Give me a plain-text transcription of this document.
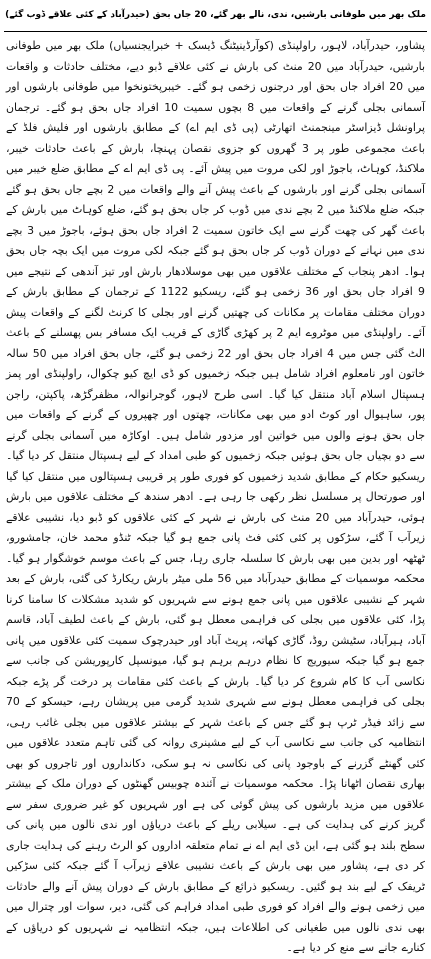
ملک بھر میں طوفانی بارشیں، ندی، نالے بھر گئے، 20 جاں بحق (حیدرآباد کے کئی علاقے ڈوب گئے)

پشاور، حیدرآباد، لاہور، راولپنڈی (کوآرڈینیٹنگ ڈیسک + خبرایجنسیاں) ملک بھر میں طوفانی بارشیں، حیدرآباد میں 20 منٹ کی بارش نے کئی علاقے ڈبو دیے، مختلف حادثات و واقعات میں 20 افراد جاں بحق اور درجنوں زخمی ہو گئے۔ خیبرپختونخوا میں طوفانی بارشوں اور آسمانی بجلی گرنے کے واقعات میں 8 بچوں سمیت 10 افراد جاں بحق ہو گئے۔ ترجمان پراونشل ڈیزاسٹر مینجمنٹ اتھارٹی (پی ڈی ایم اے) کے مطابق بارشوں اور فلیش فلڈ کے باعث مجموعی طور پر 3 گھروں کو جزوی نقصان پہنچا، بارش کے باعث حادثات خیبر، ملاکنڈ، کوہاٹ، باجوڑ اور لکی مروت میں پیش آئے۔ پی ڈی ایم اے کے مطابق ضلع خیبر میں آسمانی بجلی گرنے اور بارشوں کے باعث پیش آنے والے واقعات میں 2 بچے جاں بحق ہو گئے جبکہ ضلع ملاکنڈ میں 2 بچے ندی میں ڈوب کر جاں بحق ہو گئے، ضلع کوہاٹ میں بارش کے باعث گھر کی چھت گرنے سے ایک خاتون سمیت 2 افراد جاں بحق ہوئے، باجوڑ میں 3 بچے ندی میں نہانے کے دوران ڈوب کر جاں بحق ہو گئے جبکہ لکی مروت میں ایک بچہ جاں بحق ہوا۔ ادھر پنجاب کے مختلف علاقوں میں بھی موسلادھار بارش اور تیز آندھی کے نتیجے میں 9 افراد جاں بحق اور 36 زخمی ہو گئے، ریسکیو 1122 کے ترجمان کے مطابق بارش کے دوران مختلف مقامات پر مکانات کی چھتیں گرنے اور بجلی کا کرنٹ لگنے کے واقعات پیش آئے۔ راولپنڈی میں موٹروے ایم 2 پر کھڑی گاڑی کے قریب ایک مسافر بس پھسلنے کے باعث الٹ گئی جس میں 4 افراد جاں بحق اور 22 زخمی ہو گئے، جاں بحق افراد میں 50 سالہ خاتون اور نامعلوم افراد شامل ہیں جبکہ زخمیوں کو ڈی ایچ کیو چکوال، راولپنڈی اور پمز ہسپتال اسلام آباد منتقل کیا گیا۔ اسی طرح لاہور، گوجرانوالہ، مظفرگڑھ، پاکپتن، راجن پور، ساہیوال اور کوٹ ادو میں بھی مکانات، چھتوں اور چھپروں کے گرنے کے واقعات میں جاں بحق ہونے والوں میں خواتین اور مزدور شامل ہیں۔ اوکاڑہ میں آسمانی بجلی گرنے سے دو بچیاں جاں بحق ہوئیں جبکہ زخمیوں کو طبی امداد کے لیے ہسپتال منتقل کر دیا گیا۔ ریسکیو حکام کے مطابق شدید زخمیوں کو فوری طور پر قریبی ہسپتالوں میں منتقل کیا گیا اور صورتحال پر مسلسل نظر رکھی جا رہی ہے۔ ادھر سندھ کے مختلف علاقوں میں بارش ہوئی، حیدرآباد میں 20 منٹ کی بارش نے شہر کے کئی علاقوں کو ڈبو دیا، نشیبی علاقے زیرآب آ گئے، سڑکوں پر کئی کئی فٹ پانی جمع ہو گیا جبکہ ٹنڈو محمد خان، جامشورو، ٹھٹھہ اور بدین میں بھی بارش کا سلسلہ جاری رہا، جس کے باعث موسم خوشگوار ہو گیا۔ محکمہ موسمیات کے مطابق حیدرآباد میں 56 ملی میٹر بارش ریکارڈ کی گئی، بارش کے بعد شہر کے نشیبی علاقوں میں پانی جمع ہونے سے شہریوں کو شدید مشکلات کا سامنا کرنا پڑا، کئی علاقوں میں بجلی کی فراہمی معطل ہو گئی، بارش کے باعث لطیف آباد، قاسم آباد، ہیرآباد، سٹیشن روڈ، گاڑی کھاتہ، پریٹ آباد اور حیدرچوک سمیت کئی علاقوں میں پانی جمع ہو گیا جبکہ سیوریج کا نظام درہم برہم ہو گیا، میونسپل کارپوریشن کی جانب سے نکاسی آب کا کام شروع کر دیا گیا۔ بارش کے باعث کئی مقامات پر درخت گر پڑے جبکہ بجلی کی فراہمی معطل ہونے سے شہری شدید گرمی میں پریشان رہے، حیسکو کے 70 سے زائد فیڈر ٹرپ ہو گئے جس کے باعث شہر کے بیشتر علاقوں میں بجلی غائب رہی، انتظامیہ کی جانب سے نکاسی آب کے لیے مشینری روانہ کی گئی تاہم متعدد علاقوں میں کئی گھنٹے گزرنے کے باوجود پانی کی نکاسی نہ ہو سکی، دکانداروں اور تاجروں کو بھی بھاری نقصان اٹھانا پڑا۔ محکمہ موسمیات نے آئندہ چوبیس گھنٹوں کے دوران ملک کے بیشتر علاقوں میں مزید بارشوں کی پیش گوئی کی ہے اور شہریوں کو غیر ضروری سفر سے گریز کرنے کی ہدایت کی ہے۔ سیلابی ریلے کے باعث دریاؤں اور ندی نالوں میں پانی کی سطح بلند ہو گئی ہے، این ڈی ایم اے نے تمام متعلقہ اداروں کو الرٹ رہنے کی ہدایت جاری کر دی ہے، پشاور میں بھی بارش کے باعث نشیبی علاقے زیرآب آ گئے جبکہ کئی سڑکیں ٹریفک کے لیے بند ہو گئیں۔ ریسکیو ذرائع کے مطابق بارش کے دوران پیش آنے والے حادثات میں زخمی ہونے والے افراد کو فوری طبی امداد فراہم کی گئی، دیر، سوات اور چترال میں بھی ندی نالوں میں طغیانی کی اطلاعات ہیں، جبکہ انتظامیہ نے شہریوں کو دریاؤں کے کنارے جانے سے منع کر دیا ہے۔
